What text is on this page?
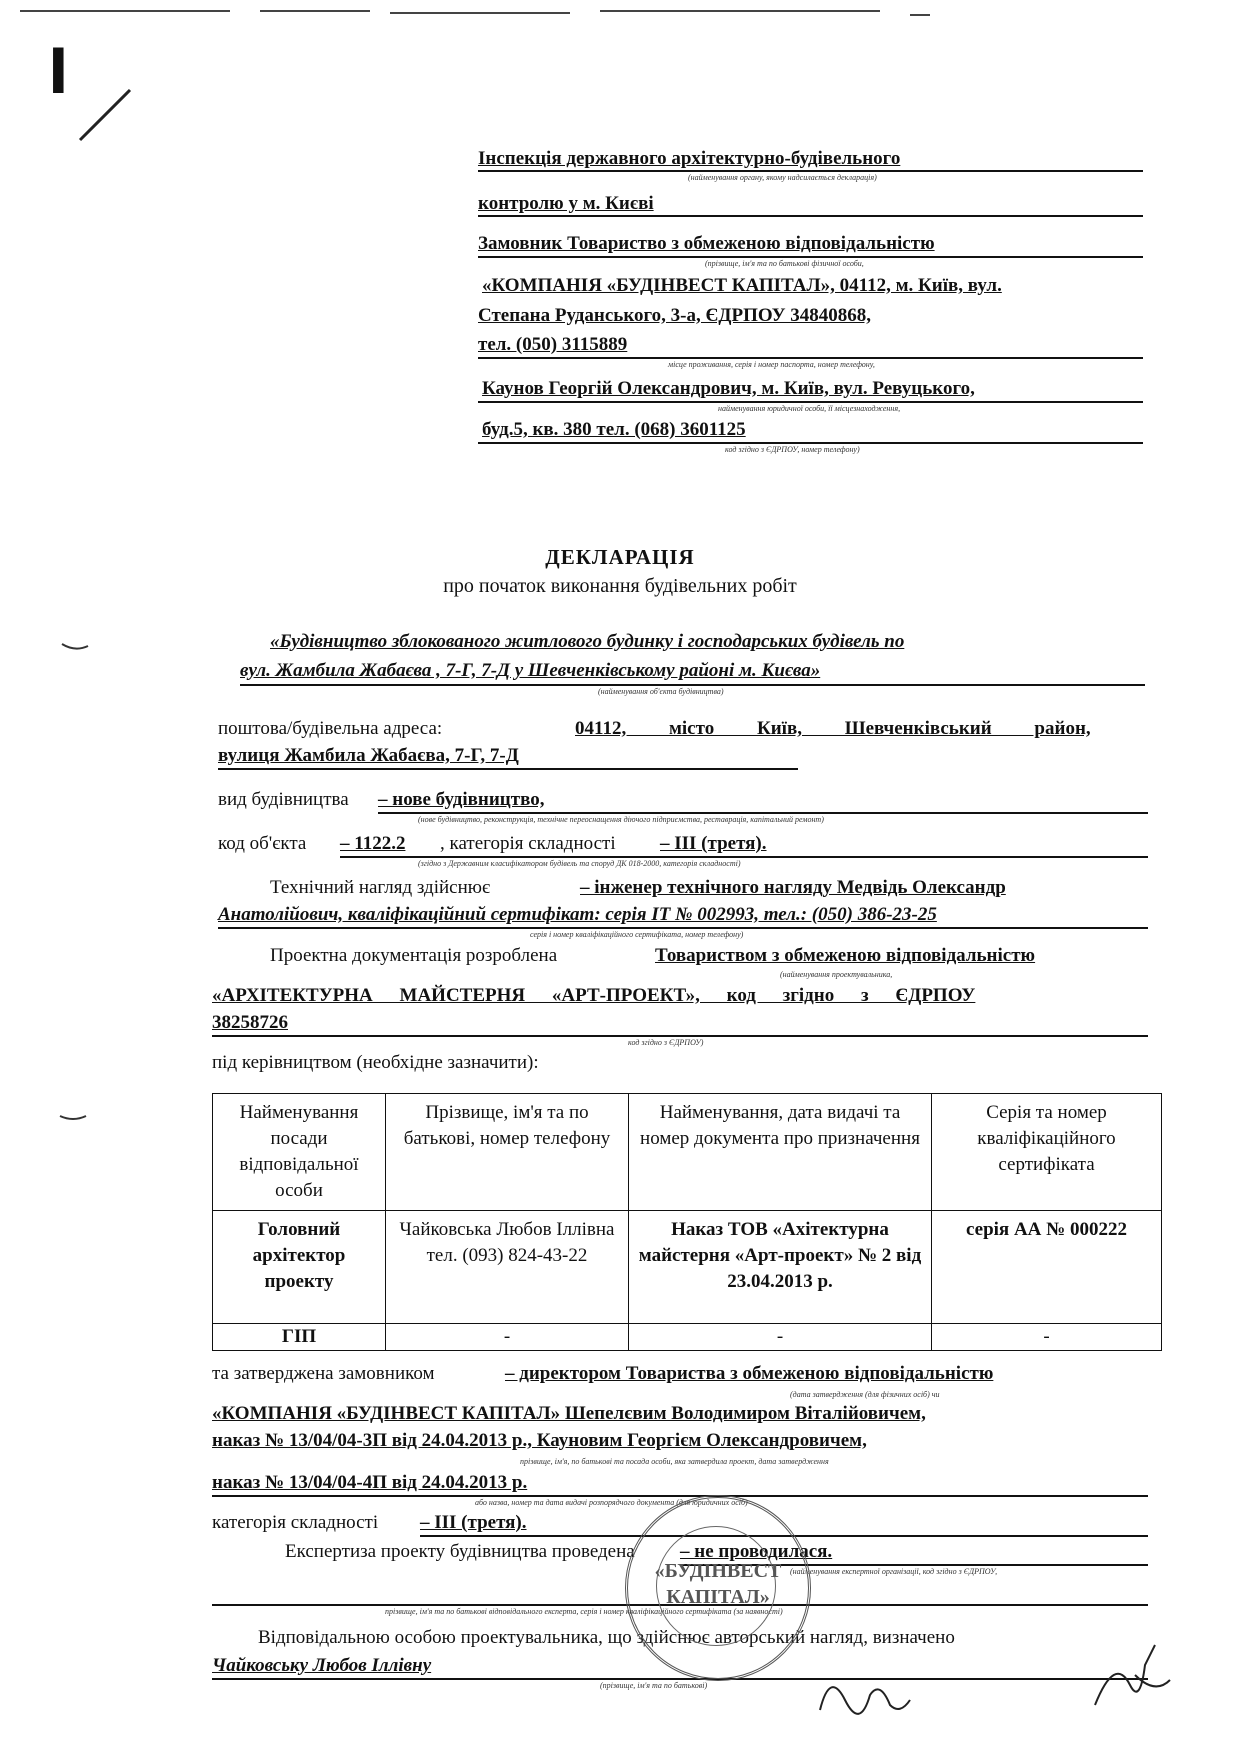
l
Інспекція державного архітектурно-будівельного
(найменування органу, якому надсилається декларація)
контролю у м. Києві
Замовник Товариство з обмеженою відповідальністю
(прізвище, ім'я та по батькові фізичної особи,
«КОМПАНІЯ «БУДІНВЕСТ КАПІТАЛ», 04112, м. Київ, вул.
Степана Руданського, 3-а, ЄДРПОУ 34840868,
тел. (050) 3115889
місце проживання, серія і номер паспорта, номер телефону,
Каунов Георгій Олександрович, м. Київ, вул. Ревуцького,
найменування юридичної особи, її місцезнаходження,
буд.5, кв. 380 тел. (068) 3601125
код згідно з ЄДРПОУ, номер телефону)
ДЕКЛАРАЦІЯ
про початок виконання будівельних робіт
«Будівництво зблокованого житлового будинку і господарських будівель по
вул. Жамбила Жабаєва , 7-Г, 7-Д у Шевченківському районі м. Києва»
(найменування об'єкта будівництва)
поштова/будівельна адреса:	04112, місто Київ, Шевченківський район,
вулиця Жамбила Жабаєва, 7-Г, 7-Д
вид будівництва – нове будівництво,
(нове будівництво, реконструкція, технічне переоснащення діючого підприємства, реставрація, капітальний ремонт)
код об'єкта – 1122.2 , категорія складності – III (третя).
(згідно з Державним класифікатором будівель та споруд ДК 018-2000, категорія складності)
Технічний нагляд здійснює	– інженер технічного нагляду Медвідь Олександр
Анатолійович, кваліфікаційний сертифікат: серія ІТ № 002993, тел.: (050) 386-23-25
серія і номер кваліфікаційного сертифіката, номер телефону)
Проектна документація розроблена	Товариством з обмеженою відповідальністю
(найменування проектувальника,
«АРХІТЕКТУРНА МАЙСТЕРНЯ «АРТ-ПРОЕКТ», код згідно з ЄДРПОУ
38258726
код згідно з ЄДРПОУ)
під керівництвом (необхідне зазначити):
Найменування посади відповідальної особи	Прізвище, ім'я та по батькові, номер телефону	Найменування, дата видачі та номер документа про призначення	Серія та номер кваліфікаційного сертифіката
Головний архітектор проекту	Чайковська Любов Іллівна тел. (093) 824-43-22	Наказ ТОВ «Ахітектурна майстерня «Арт-проект» № 2 від 23.04.2013 р.	серія АА № 000222
ГІП	-	-	-
та затверджена замовником	– директором Товариства з обмеженою відповідальністю
(дата затвердження (для фізичних осіб) чи
«КОМПАНІЯ «БУДІНВЕСТ КАПІТАЛ» Шепелєвим Володимиром Віталійовичем,
наказ № 13/04/04-3П від 24.04.2013 р., Кауновим Георгієм Олександровичем,
прізвище, ім'я, по батькові та посада особи, яка затвердила проект, дата затвердження
наказ № 13/04/04-4П від 24.04.2013 р.
або назва, номер та дата видачі розпорядчого документа (для юридичних осіб)
категорія складності – III (третя).
Експертиза проекту будівництва проведена – не проводилася.
(найменування експертної організації, код згідно з ЄДРПОУ,
прізвище, ім'я та по батькові відповідального експерта, серія і номер кваліфікаційного сертифіката (за наявності)
Відповідальною особою проектувальника, що здійснює авторський нагляд, визначено
Чайковську Любов Іллівну
(прізвище, ім'я та по батькові)
«БУДІНВЕСТ
КАПІТАЛ»
